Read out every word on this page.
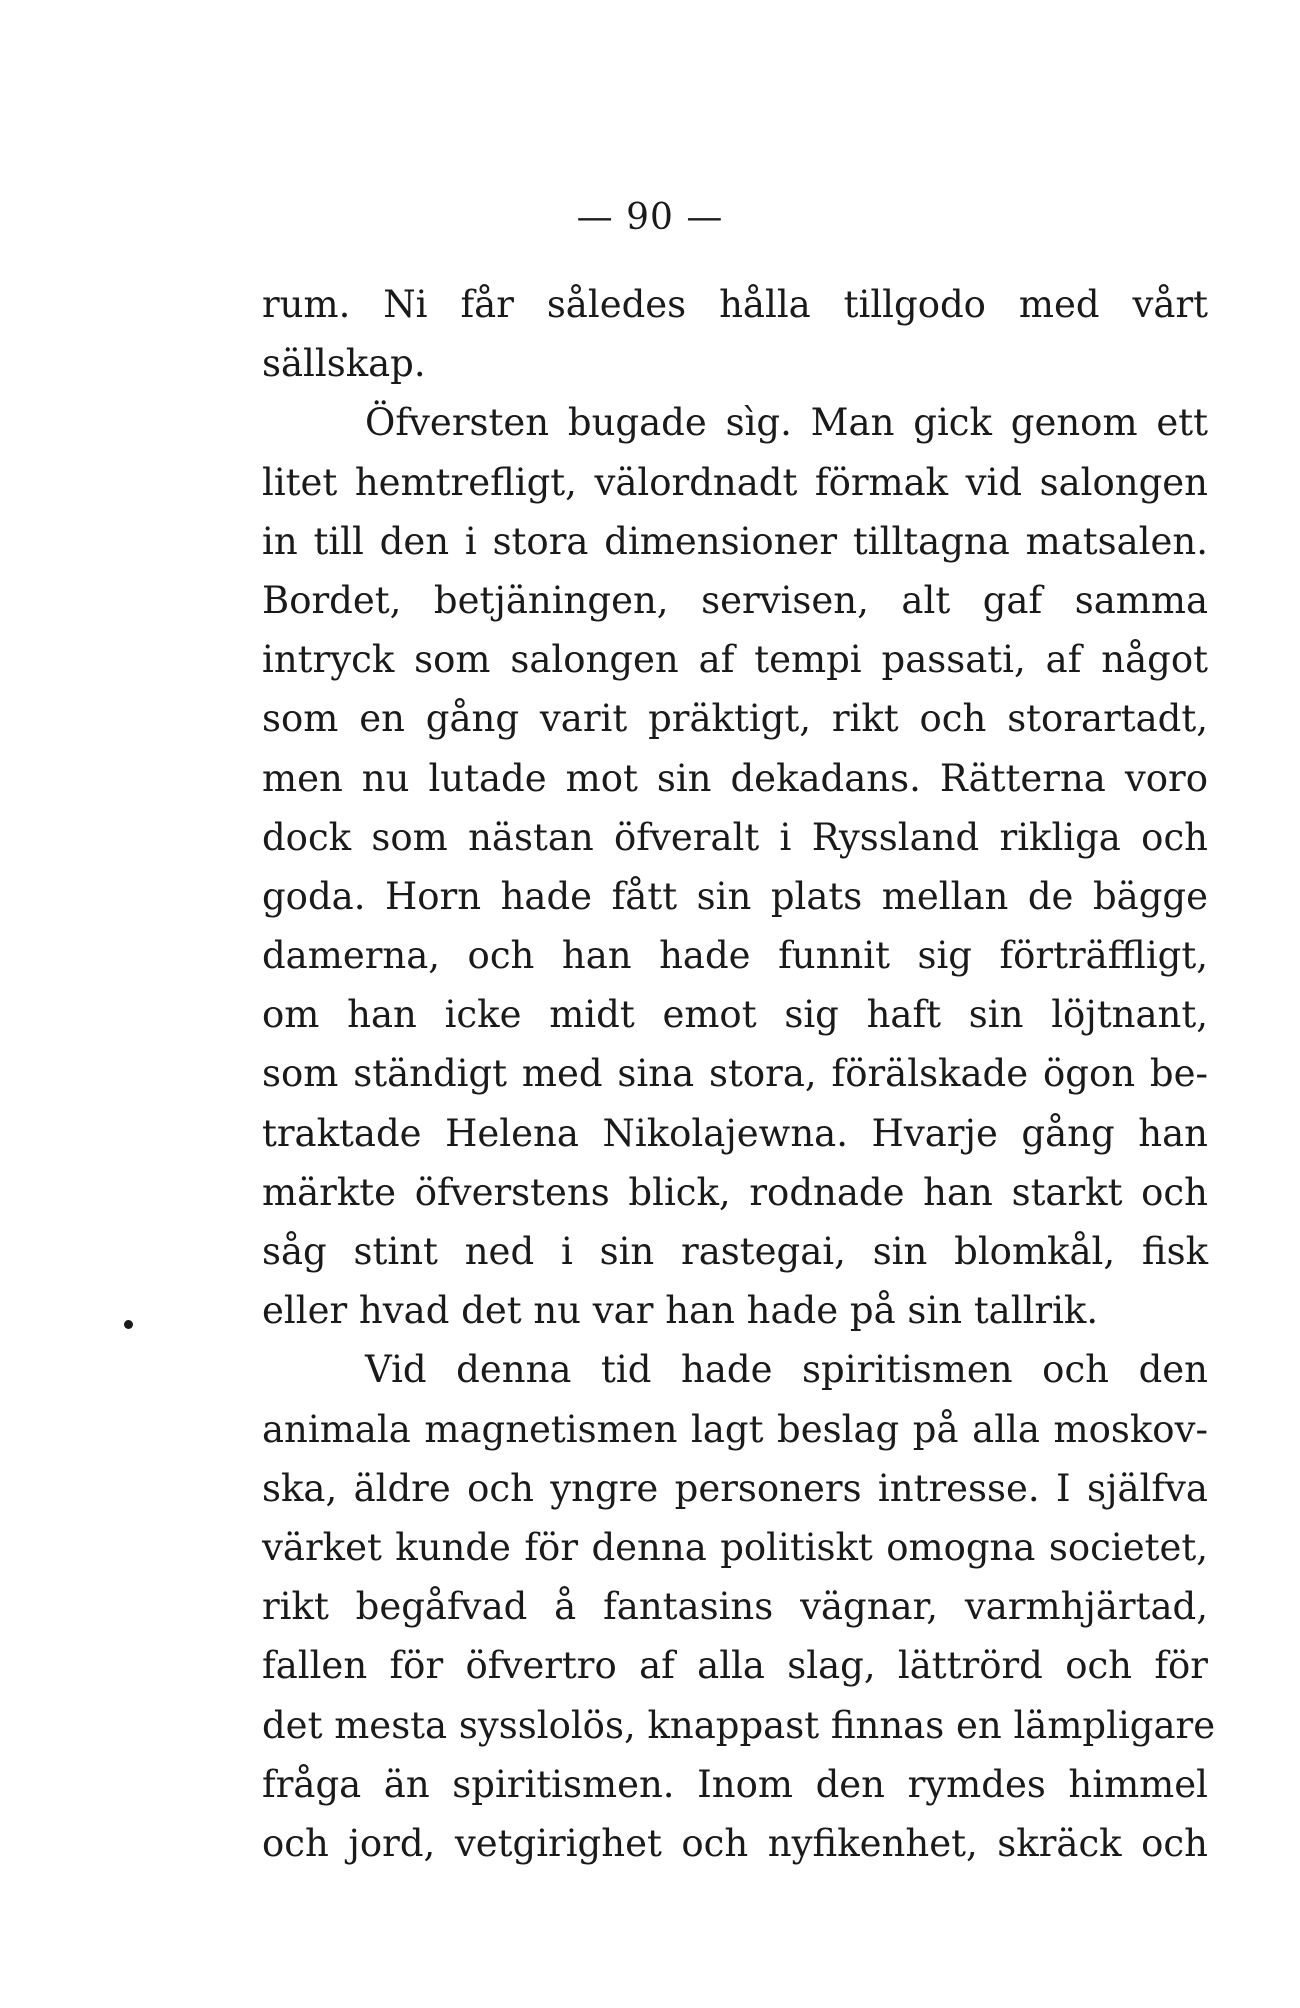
— 90 —
rum. Ni får således hålla tillgodo med vårt
sällskap.
Öfversten bugade sìg. Man gick genom ett
litet hemtrefligt, välordnadt förmak vid salongen
in till den i stora dimensioner tilltagna matsalen.
Bordet, betjäningen, servisen, alt gaf samma
intryck som salongen af tempi passati, af något
som en gång varit präktigt, rikt och storartadt,
men nu lutade mot sin dekadans. Rätterna voro
dock som nästan öfveralt i Ryssland rikliga och
goda. Horn hade fått sin plats mellan de bägge
damerna, och han hade funnit sig förträffligt,
om han icke midt emot sig haft sin löjtnant,
som ständigt med sina stora, förälskade ögon be-
traktade Helena Nikolajewna. Hvarje gång han
märkte öfverstens blick, rodnade han starkt och
såg stint ned i sin rastegai, sin blomkål, fisk
eller hvad det nu var han hade på sin tallrik.
Vid denna tid hade spiritismen och den
animala magnetismen lagt beslag på alla moskov-
ska, äldre och yngre personers intresse. I själfva
värket kunde för denna politiskt omogna societet,
rikt begåfvad å fantasins vägnar, varmhjärtad,
fallen för öfvertro af alla slag, lättrörd och för
det mesta sysslolös, knappast finnas en lämpligare
fråga än spiritismen. Inom den rymdes himmel
och jord, vetgirighet och nyfikenhet, skräck och
